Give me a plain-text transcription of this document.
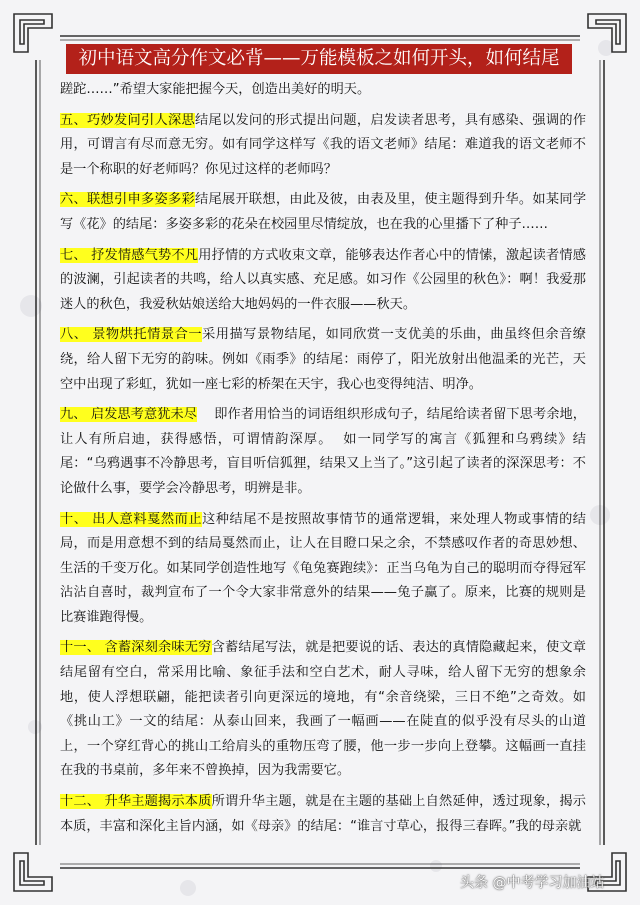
初中语文高分作文必背——万能模板之如何开头，如何结尾

蹉跎……”希望大家能把握今天，创造出美好的明天。

五、巧妙发问引人深思结尾以发问的形式提出问题，启发读者思考，具有感染、强调的作用，可谓言有尽而意无穷。如有同学这样写《我的语文老师》结尾：难道我的语文老师不是一个称职的好老师吗？你见过这样的老师吗？

六、联想引申多姿多彩结尾展开联想，由此及彼，由表及里，使主题得到升华。如某同学写《花》的结尾：多姿多彩的花朵在校园里尽情绽放，也在我的心里播下了种子……

七、 抒发情感气势不凡用抒情的方式收束文章，能够表达作者心中的情愫，激起读者情感的波澜，引起读者的共鸣，给人以真实感、充足感。如习作《公园里的秋色》：啊！我爱那迷人的秋色，我爱秋姑娘送给大地妈妈的一件衣服——秋天。

八、 景物烘托情景合一采用描写景物结尾，如同欣赏一支优美的乐曲，曲虽终但余音缭绕，给人留下无穷的韵味。例如《雨季》的结尾：雨停了，阳光放射出他温柔的光芒，天空中出现了彩虹，犹如一座七彩的桥架在天宇，我心也变得纯洁、明净。

九、 启发思考意犹未尽    即作者用恰当的词语组织形成句子，结尾给读者留下思考余地，让人有所启迪，获得感悟，可谓情韵深厚。  如一同学写的寓言《狐狸和乌鸦续》结尾：“乌鸦遇事不冷静思考，盲目听信狐狸，结果又上当了。”这引起了读者的深深思考：不论做什么事，要学会冷静思考，明辨是非。

十、 出人意料戛然而止这种结尾不是按照故事情节的通常逻辑，来处理人物或事情的结局，而是用意想不到的结局戛然而止，让人在目瞪口呆之余，不禁感叹作者的奇思妙想、生活的千变万化。如某同学创造性地写《龟兔赛跑续》：正当乌龟为自己的聪明而夺得冠军沾沾自喜时，裁判宣布了一个令大家非常意外的结果——兔子赢了。原来，比赛的规则是比赛谁跑得慢。

十一、 含蓄深刻余味无穷含蓄结尾写法，就是把要说的话、表达的真情隐藏起来，使文章结尾留有空白，常采用比喻、象征手法和空白艺术，耐人寻味，给人留下无穷的想象余地，使人浮想联翩，能把读者引向更深远的境地，有“余音绕梁，三日不绝”之奇效。如《挑山工》一文的结尾：从泰山回来，我画了一幅画——在陡直的似乎没有尽头的山道上，一个穿红背心的挑山工给肩头的重物压弯了腰，他一步一步向上登攀。这幅画一直挂在我的书桌前，多年来不曾换掉，因为我需要它。

十二、 升华主题揭示本质所谓升华主题，就是在主题的基础上自然延伸，透过现象，揭示本质，丰富和深化主旨内涵，如《母亲》的结尾：“谁言寸草心，报得三春晖。”我的母亲就

头条 @中考学习加油站
